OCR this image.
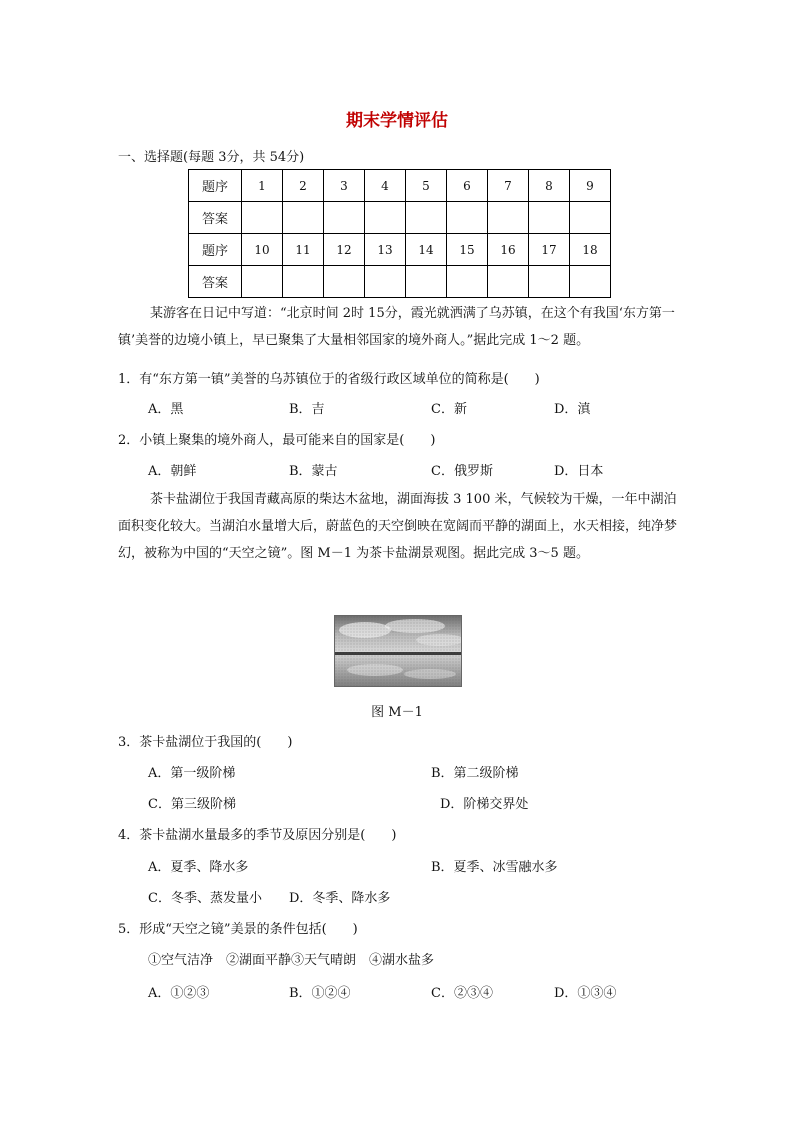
期末学情评估
一、选择题(每题 3分，共 54分)
题序	1	2	3	4	5	6	7	8	9
答案									
题序	10	11	12	13	14	15	16	17	18
答案									
某游客在日记中写道：“北京时间 2时 15分，霞光就洒满了乌苏镇，在这个有我国‘东方第一镇’美誉的边境小镇上，早已聚集了大量相邻国家的境外商人。”据此完成 1～2 题。
1．有“东方第一镇”美誉的乌苏镇位于的省级行政区域单位的简称是(　　)
A．黑	B．吉	C．新	D．滇
2．小镇上聚集的境外商人，最可能来自的国家是(　　)
A．朝鲜	B．蒙古	C．俄罗斯	D．日本
茶卡盐湖位于我国青藏高原的柴达木盆地，湖面海拔 3 100 米，气候较为干燥，一年中湖泊面积变化较大。当湖泊水量增大后，蔚蓝色的天空倒映在宽阔而平静的湖面上，水天相接，纯净梦幻，被称为中国的“天空之镜”。图 M－1 为茶卡盐湖景观图。据此完成 3～5 题。
图 M－1
3．茶卡盐湖位于我国的(　　)
A．第一级阶梯	B．第二级阶梯
C．第三级阶梯	D．阶梯交界处
4．茶卡盐湖水量最多的季节及原因分别是(　　)
A．夏季、降水多	B．夏季、冰雪融水多
C．冬季、蒸发量小 D．冬季、降水多
5．形成“天空之镜”美景的条件包括(　　)
①空气洁净　②湖面平静③天气晴朗　④湖水盐多
A．①②③	B．①②④	C．②③④	D．①③④
